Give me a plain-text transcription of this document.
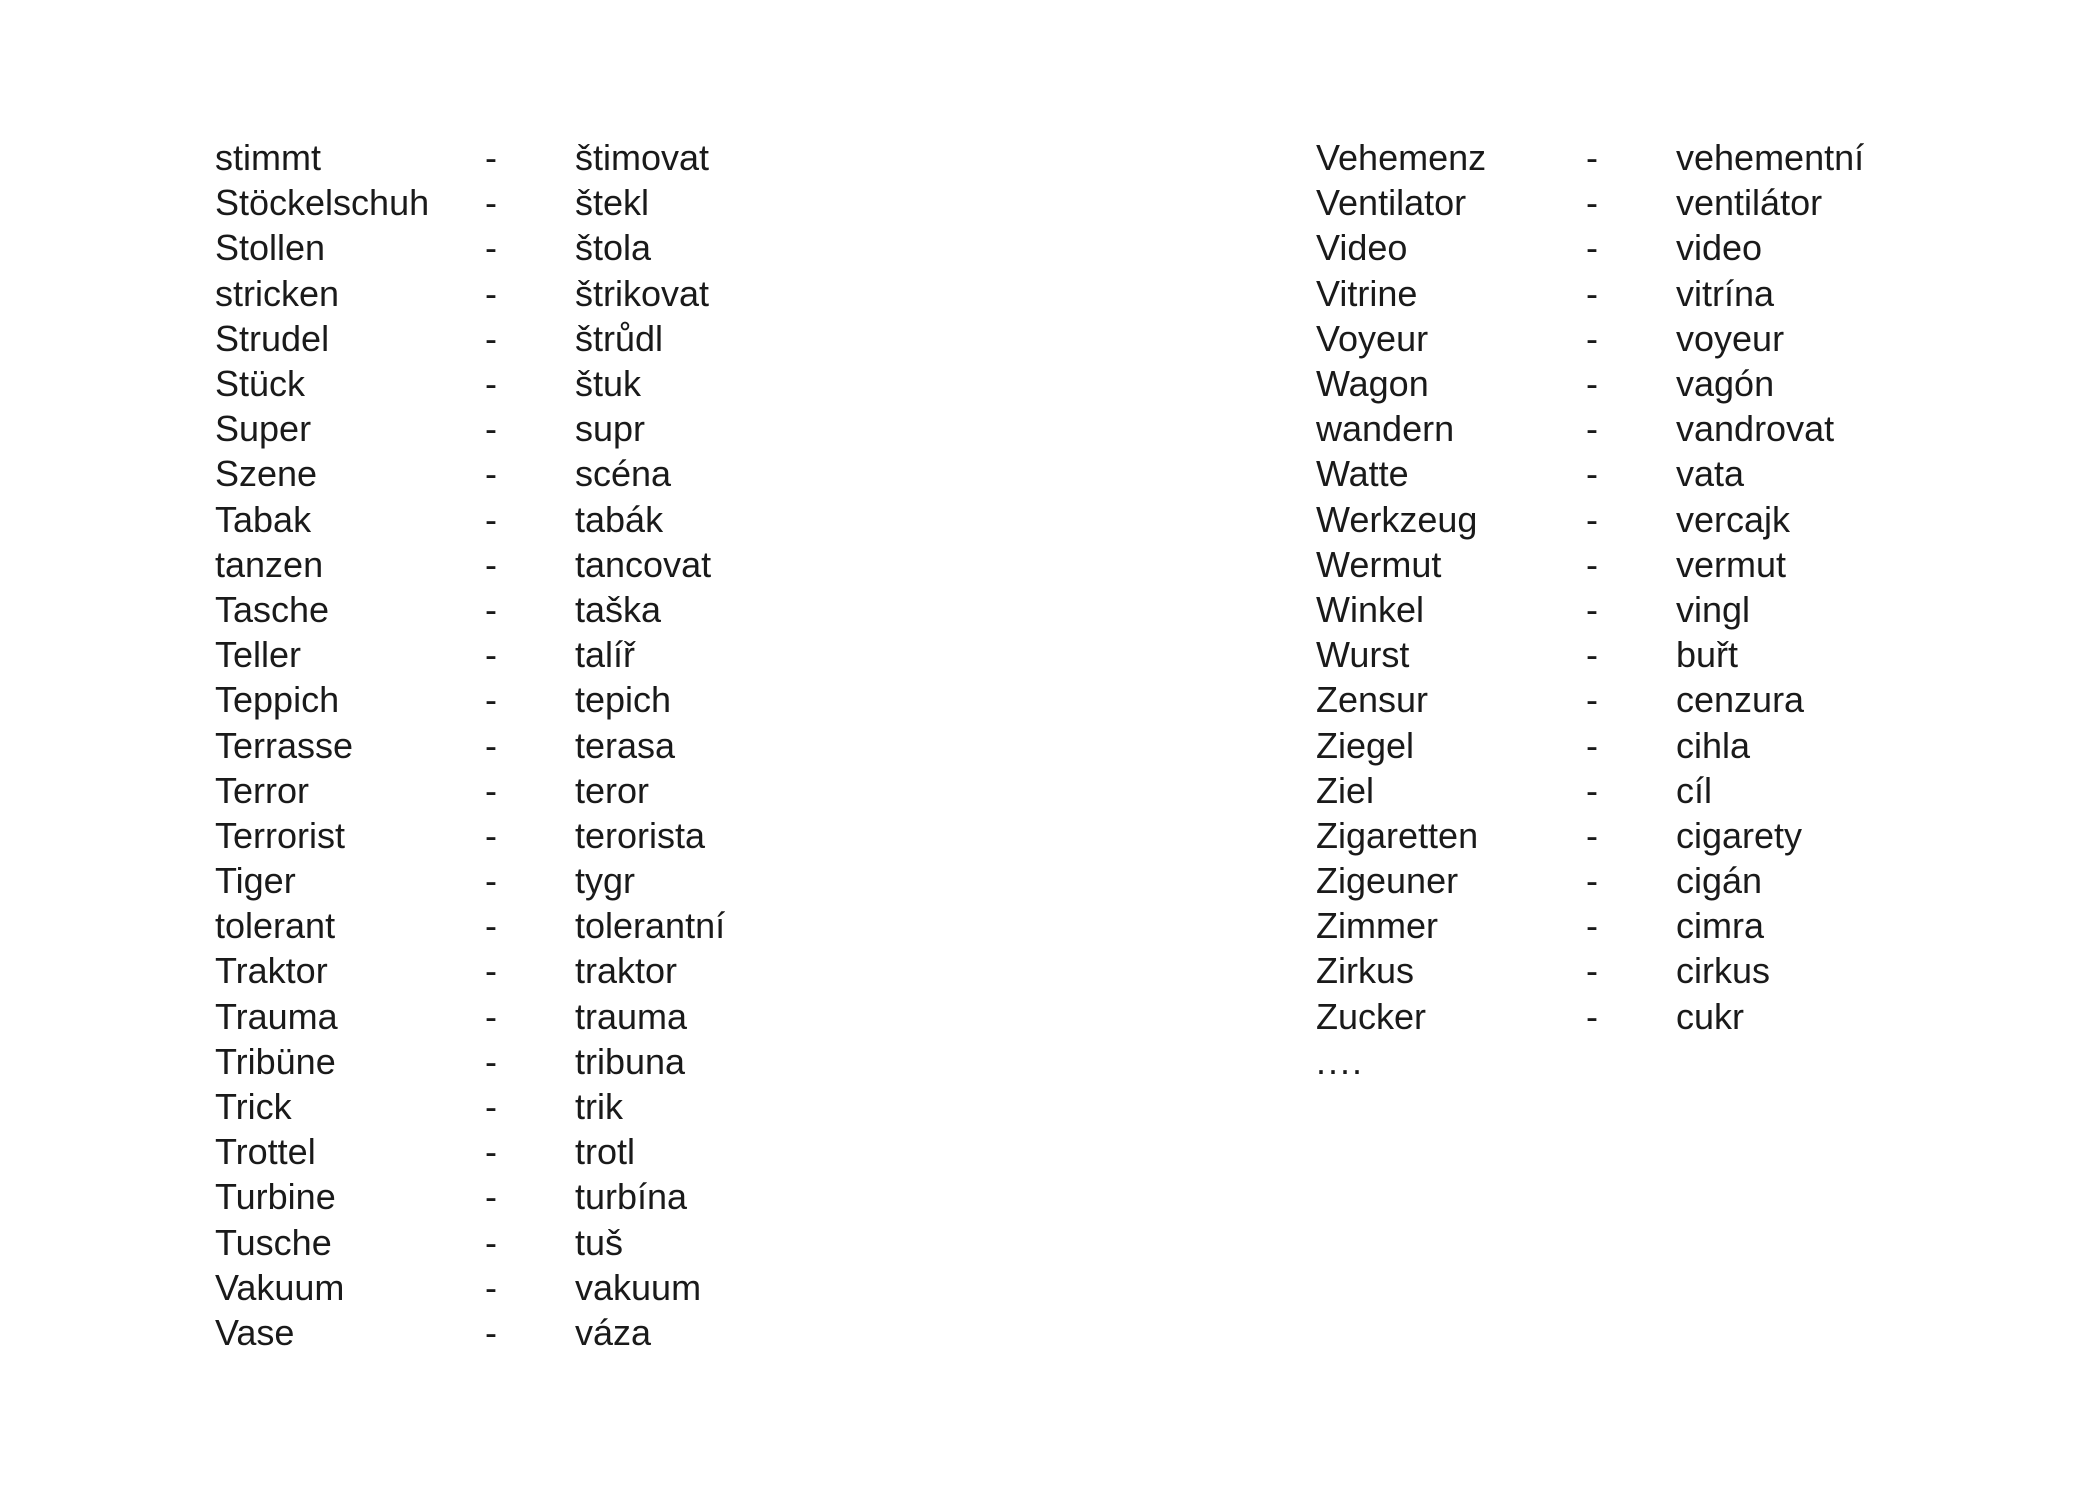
stimmt	-	štimovat
Stöckelschuh	-	štekl
Stollen	-	štola
stricken	-	štrikovat
Strudel	-	štrůdl
Stück	-	štuk
Super	-	supr
Szene	-	scéna
Tabak	-	tabák
tanzen	-	tancovat
Tasche	-	taška
Teller	-	talíř
Teppich	-	tepich
Terrasse	-	terasa
Terror	-	teror
Terrorist	-	terorista
Tiger	-	tygr
tolerant	-	tolerantní
Traktor	-	traktor
Trauma	-	trauma
Tribüne	-	tribuna
Trick	-	trik
Trottel	-	trotl
Turbine	-	turbína
Tusche	-	tuš
Vakuum	-	vakuum
Vase	-	váza
Vehemenz	-	vehementní
Ventilator	-	ventilátor
Video	-	video
Vitrine	-	vitrína
Voyeur	-	voyeur
Wagon	-	vagón
wandern	-	vandrovat
Watte	-	vata
Werkzeug	-	vercajk
Wermut	-	vermut
Winkel	-	vingl
Wurst	-	buřt
Zensur	-	cenzura
Ziegel	-	cihla
Ziel	-	cíl
Zigaretten	-	cigarety
Zigeuner	-	cigán
Zimmer	-	cimra
Zirkus	-	cirkus
Zucker	-	cukr
....
